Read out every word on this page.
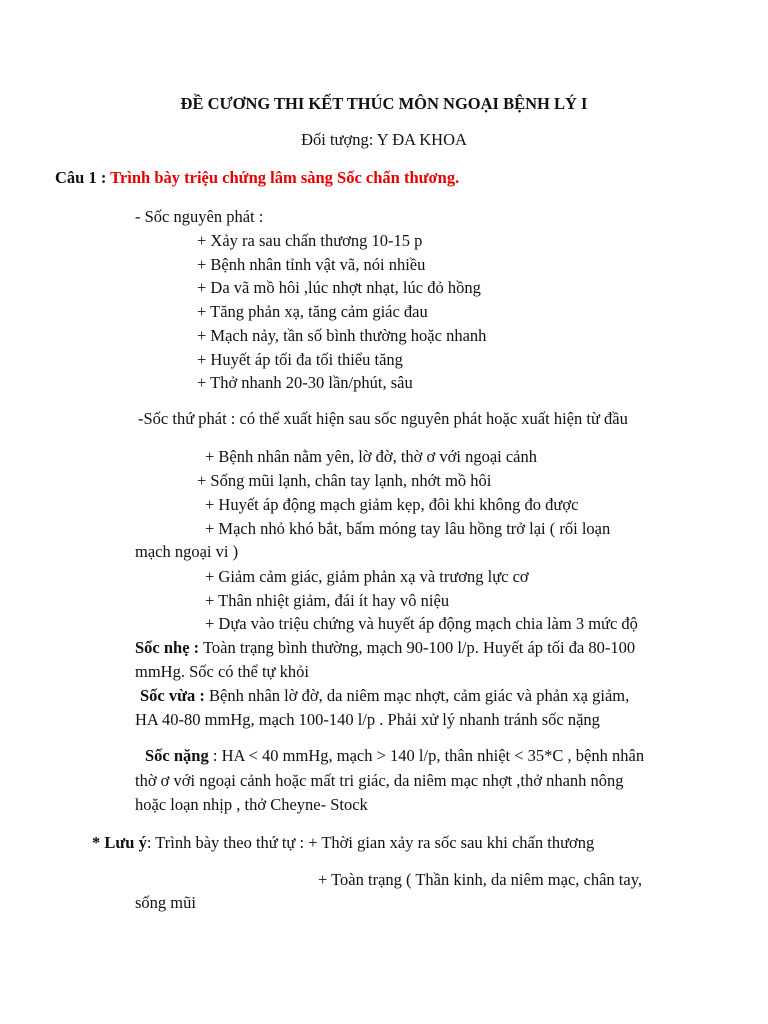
ĐỀ CƯƠNG THI KẾT THÚC MÔN NGOẠI BỆNH LÝ I
Đối tượng: Y ĐA KHOA
Câu 1 : Trình bày triệu chứng lâm sàng Sốc chấn thương.
- Sốc nguyên phát :
+ Xảy ra sau chấn thương 10-15 p
+ Bệnh nhân tỉnh vật vã, nói nhiều
+ Da vã mồ hôi ,lúc nhợt nhạt, lúc đỏ hồng
+ Tăng phản xạ, tăng cảm giác đau
+ Mạch nảy, tần số bình thường hoặc nhanh
+ Huyết áp tối đa tối thiểu tăng
+ Thở nhanh 20-30 lần/phút, sâu
-Sốc thứ phát : có thể xuất hiện sau sốc nguyên phát hoặc xuất hiện từ đầu
+ Bệnh nhân nằm yên, lờ đờ, thờ ơ với ngoại cảnh
+ Sống mũi lạnh, chân tay lạnh, nhớt mồ hôi
+ Huyết áp động mạch giảm kẹp, đôi khi không đo được
+ Mạch nhỏ khó bắt, bấm móng tay lâu hồng trở lại ( rối loạn
mạch ngoại vi )
+ Giảm cảm giác, giảm phản xạ và trương lực cơ
+ Thân nhiệt giảm, đái ít hay vô niệu
+ Dựa vào triệu chứng và huyết áp động mạch chia làm 3 mức độ
Sốc nhẹ : Toàn trạng bình thường, mạch 90-100 l/p. Huyết áp tối đa 80-100
mmHg. Sốc có thể tự khỏi
Sốc vừa : Bệnh nhân lờ đờ, da niêm mạc nhợt, cảm giác và phản xạ giảm,
HA 40-80 mmHg, mạch 100-140 l/p . Phải xử lý nhanh tránh sốc nặng
Sốc nặng : HA < 40 mmHg, mạch > 140 l/p, thân nhiệt < 35*C , bệnh nhân
thờ ơ với ngoại cảnh hoặc mất tri giác, da niêm mạc nhợt ,thở nhanh nông
hoặc loạn nhịp , thở Cheyne- Stock
* Lưu ý: Trình bày theo thứ tự : + Thời gian xảy ra sốc sau khi chấn thương
+ Toàn trạng ( Thần kinh, da niêm mạc, chân tay,
sống mũi
